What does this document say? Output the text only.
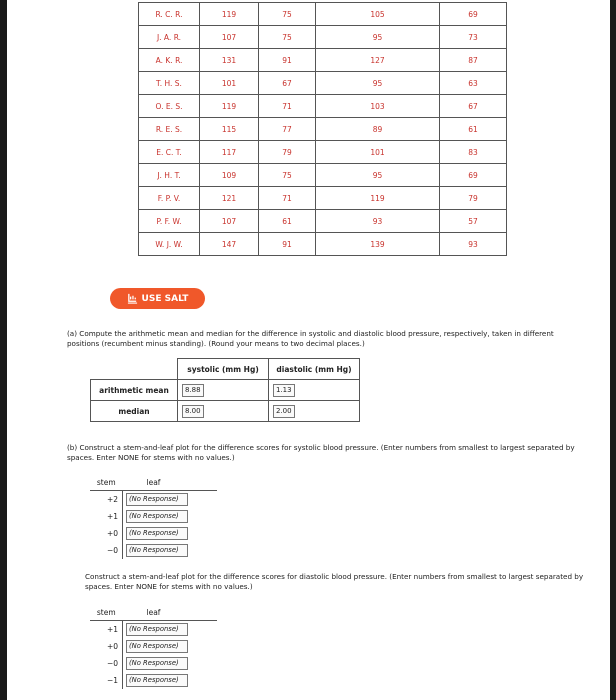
R. C. R.	119	75	105	69
J. A. R.	107	75	95	73
A. K. R.	131	91	127	87
T. H. S.	101	67	95	63
O. E. S.	119	71	103	67
R. E. S.	115	77	89	61
E. C. T.	117	79	101	83
J. H. T.	109	75	95	69
F. P. V.	121	71	119	79
P. F. W.	107	61	93	57
W. J. W.	147	91	139	93
USE SALT
(a) Compute the arithmetic mean and median for the difference in systolic and diastolic blood pressure, respectively, taken in different positions (recumbent minus standing). (Round your means to two decimal places.)
	systolic (mm Hg)	diastolic (mm Hg)
arithmetic mean	8.88	1.13
median	8.00	2.00
(b) Construct a stem-and-leaf plot for the difference scores for systolic blood pressure. (Enter numbers from smallest to largest separated by spaces. Enter NONE for stems with no values.)
stem	leaf
+2	(No Response)
+1	(No Response)
+0	(No Response)
−0	(No Response)
Construct a stem-and-leaf plot for the difference scores for diastolic blood pressure. (Enter numbers from smallest to largest separated by spaces. Enter NONE for stems with no values.)
stem	leaf
+1	(No Response)
+0	(No Response)
−0	(No Response)
−1	(No Response)
